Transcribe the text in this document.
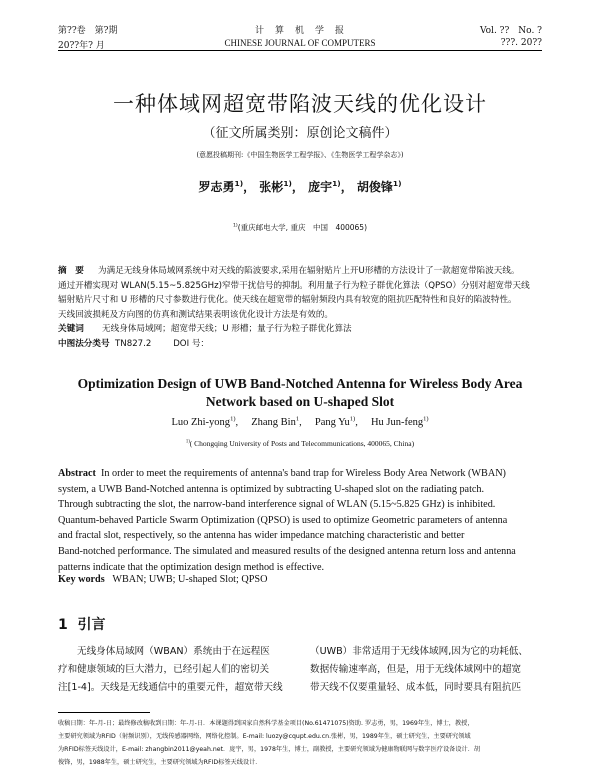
第??卷　第?期
20??年? 月
计　算　机　学　报
CHINESE JOURNAL OF COMPUTERS
Vol. ??　No. ?
???. 20??
一种体域网超宽带陷波天线的优化设计
（征文所属类别：原创论文稿件）
(意愿投稿期刊:《中国生物医学工程学报》、《生物医学工程学杂志》)
罗志勇$^{1)}$， 张彬$^{1)}$， 庞宇$^{1)}$， 胡俊锋$^{1)}$
$^{1)}$(重庆邮电大学, 重庆　中国　400065)
摘　要 为满足无线身体局域网系统中对天线的陷波要求,采用在辐射贴片上开U形槽的方法设计了一款超宽带陷波天线。
通过开槽实现对 WLAN(5.15~5.825GHz)窄带干扰信号的抑制。利用量子行为粒子群优化算法（QPSO）分别对超宽带天线
辐射贴片尺寸和 U 形槽的尺寸参数进行优化。使天线在超宽带的辐射频段内具有较宽的阻抗匹配特性和良好的陷波特性。
天线回波损耗及方向图的仿真和测试结果表明该优化设计方法是有效的。
关键词 无线身体局域网；超宽带天线；U 形槽；量子行为粒子群优化算法
中图法分类号 TN827.2	DOI 号：
Optimization Design of UWB Band-Notched Antenna for Wireless Body Area
Network based on U-shaped Slot
Luo Zhi-yong$^{1)}$,　 Zhang Bin$^1$,　 Pang Yu$^{1)}$,　 Hu Jun-feng$^{1)}$
$^{1)}$( Chongqing University of Posts and Telecommunications, 400065, China)
Abstract In order to meet the requirements of antenna's band trap for Wireless Body Area Network (WBAN)
system, a UWB Band-Notched antenna is optimized by subtracting U-shaped slot on the radiating patch.
Through subtracting the slot, the narrow-band interference signal of WLAN (5.15~5.825 GHz) is inhibited.
Quantum-behaved Particle Swarm Optimization (QPSO) is used to optimize Geometric parameters of antenna
and fractal slot, respectively, so the antenna has wider impedance matching characteristic and better
Band-notched performance. The simulated and measured results of the designed antenna return loss and antenna
patterns indicate that the optimization design method is effective.
Key words WBAN; UWB; U-shaped Slot; QPSO
1 引言
无线身体局域网（WBAN）系统由于在远程医
疗和健康领域的巨大潜力，已经引起人们的密切关
注[1-4]。天线是无线通信中的重要元件，超宽带天线
（UWB）非常适用于无线体域网,因为它的功耗低、
数据传输速率高，但是，用于无线体域网中的超宽
带天线不仅要重量轻、成本低，同时要具有阻抗匹
收稿日期：年-月-日；最终修改稿收到日期：年-月-日．本课题得到国家自然科学基金项目(No.61471075)资助. 罗志勇，男，1969年生，博士，教授，
主要研究领域为RFID（射频识别），无线传感器网络，网络化控制。E-mail: luozy@cqupt.edu.cn.张彬，男，1989年生，硕士研究生，主要研究领域
为RFID标签天线设计，E-mail: zhangbin2011@yeah.net．庞宇，男，1978年生，博士，副教授，主要研究领域为健康物联网与数字医疗设备设计．胡
俊锋，男，1988年生，硕士研究生，主要研究领域为RFID标签天线设计．
